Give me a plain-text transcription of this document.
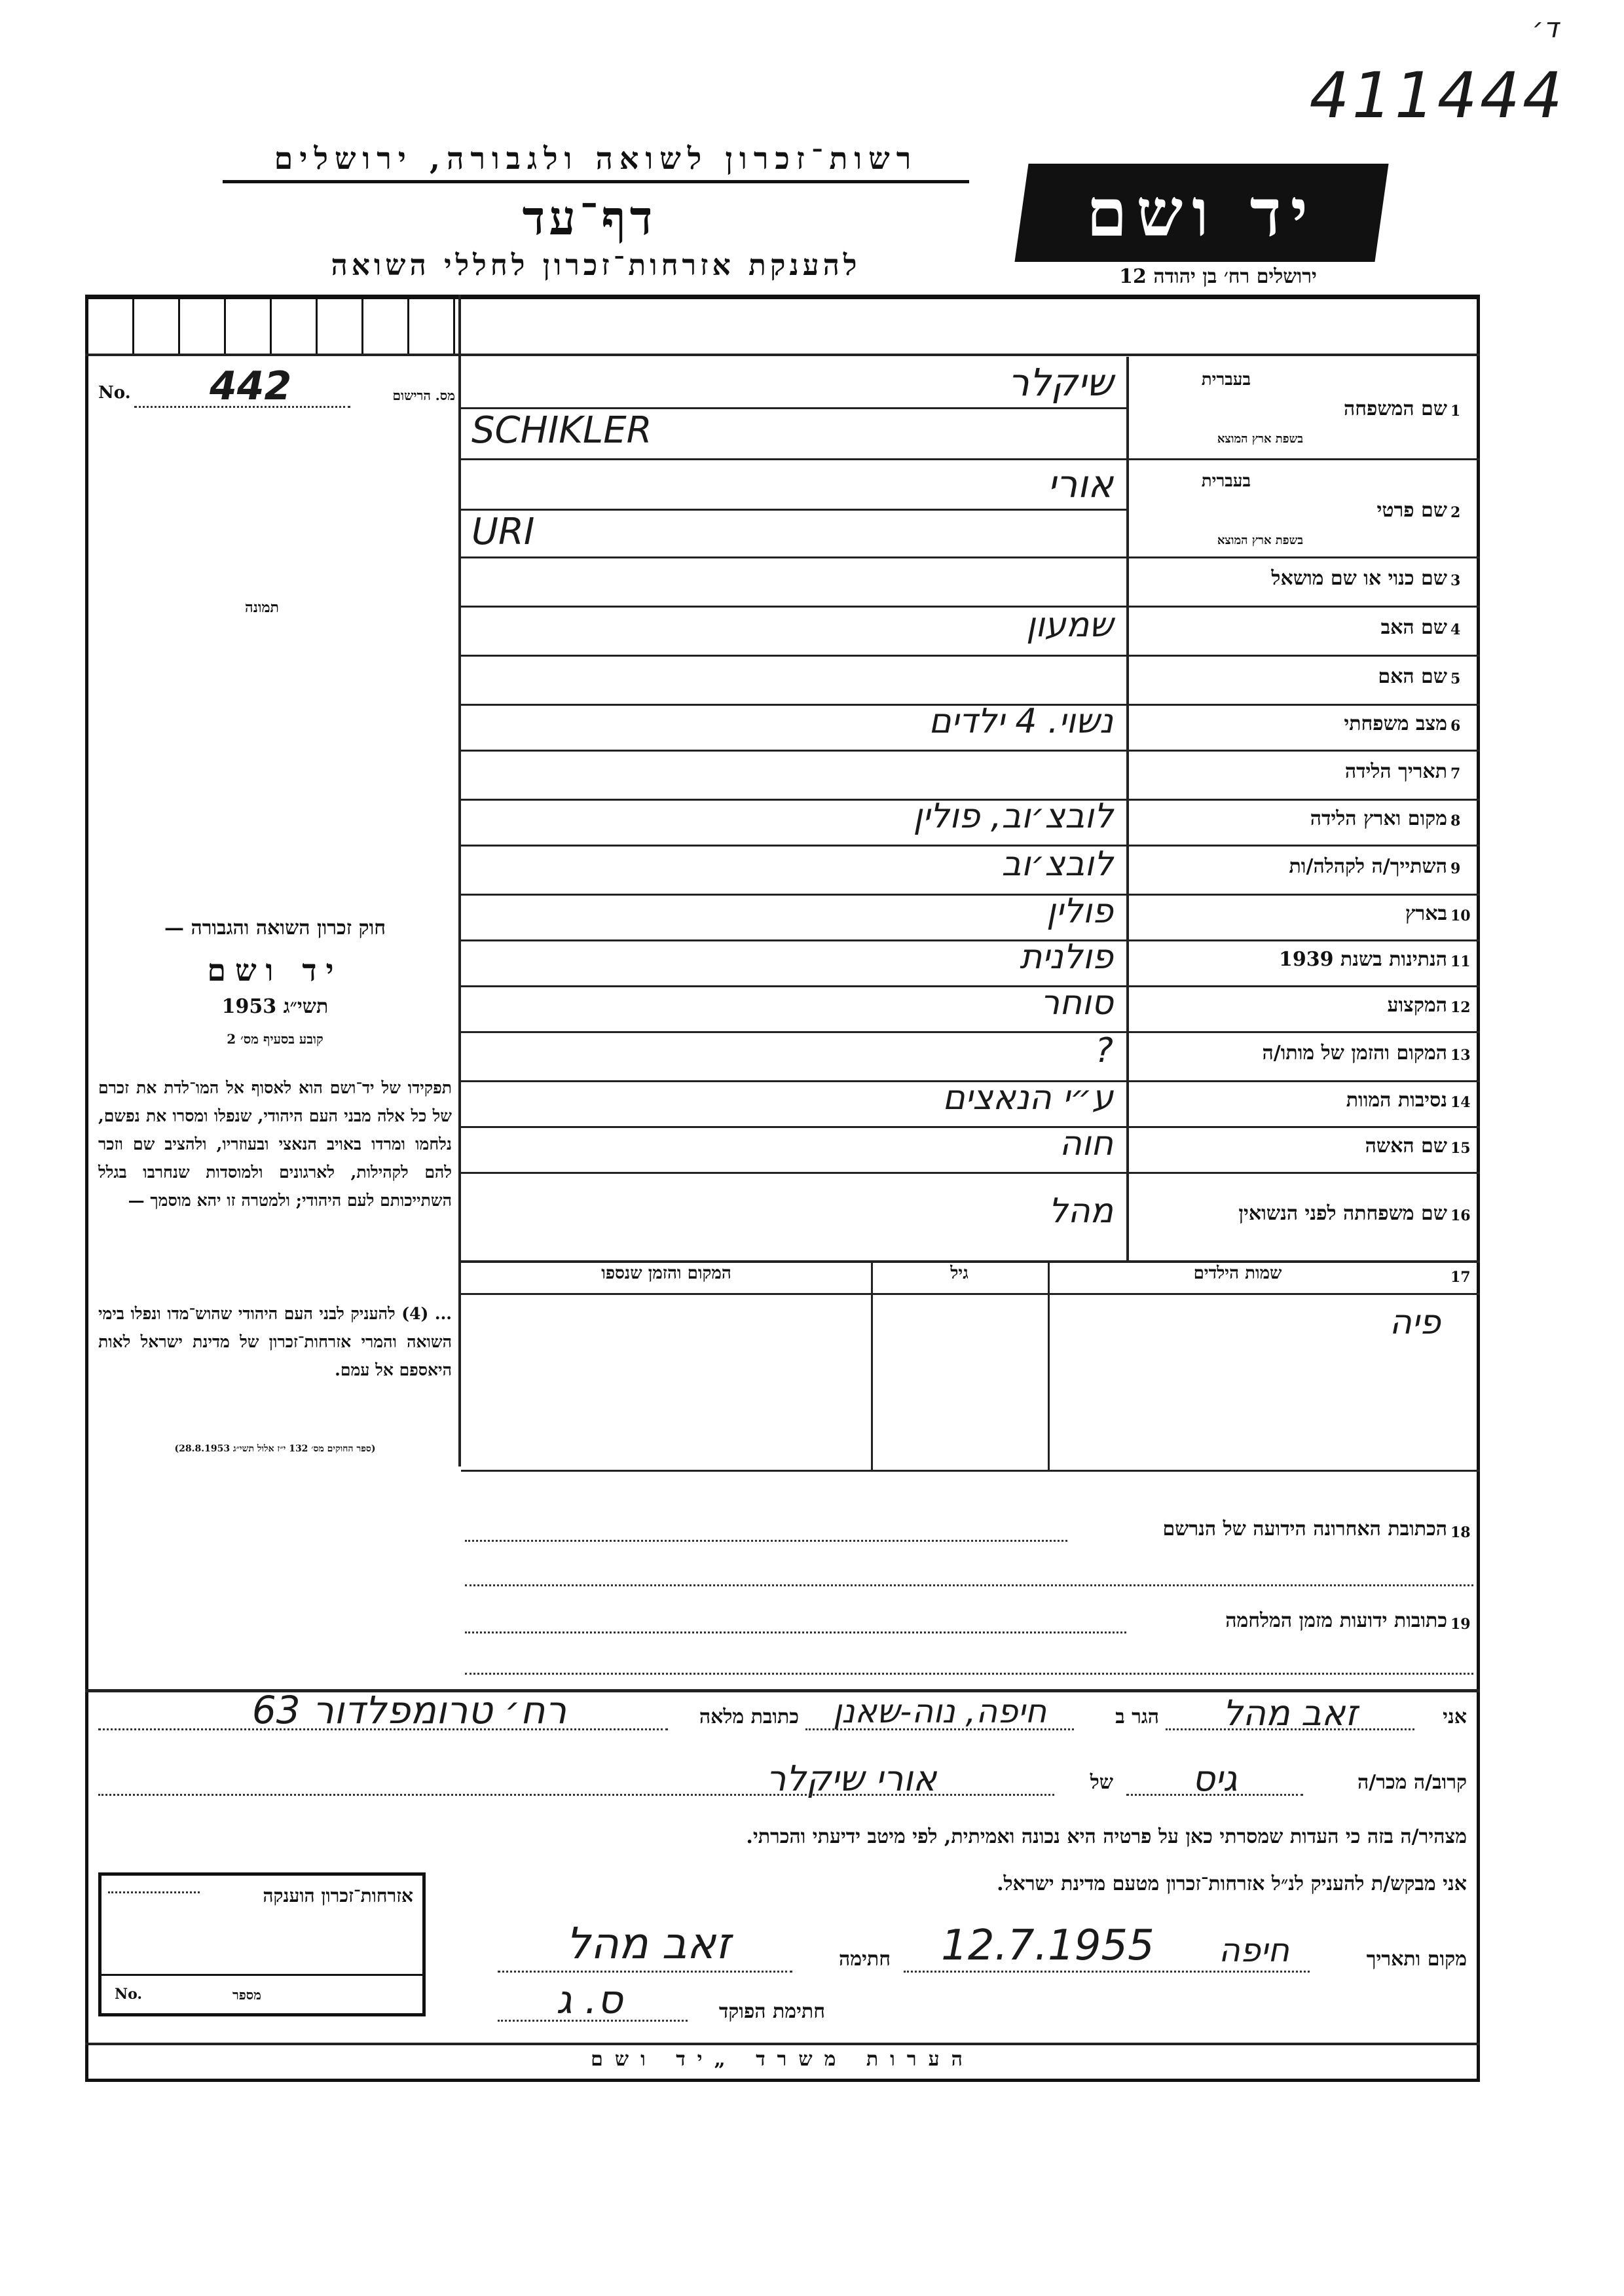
ד׳
411444
רשות־זכרון לשואה ולגבורה, ירושלים
דף־עד
להענקת אזרחות־זכרון לחללי השואה
יד ושם
ירושלים רח׳ בן יהודה 12
No. 442	מס. הרישום
תמונה
חוק זכרון השואה והגבורה —
יד ושם
תשי״ג 1953
קובע בסעיף מס׳ 2
תפקידו של יד־ושם הוא לאסוף אל המו־לדת את זכרם של כל אלה מבני העם היהודי, שנפלו ומסרו את נפשם, נלחמו ומרדו באויב הנאצי ובעוזריו, ולהציב שם וזכר להם לקהילות, לארגונים ולמוסדות שנחרבו בגלל השתייכותם לעם היהודי; ולמטרה זו יהא מוסמך —
... (4) להעניק לבני העם היהודי שהוש־מדו ונפלו בימי השואה והמרי אזרחות־זכרון של מדינת ישראל לאות היאספם אל עמם.
(ספר החוקים מס׳ 132 י״ז אלול תשי״ג 28.8.1953)
1
שם המשפחה
בעברית
בשפת ארץ המוצא
שיקלר
SCHIKLER
2
שם פרטי
בעברית
בשפת ארץ המוצא
אורי
URI
3
שם כנוי או שם מושאל
4
שם האב
שמעון
5
שם האם
6
מצב משפחתי
נשוי. 4 ילדים
7
תאריך הלידה
8
מקום וארץ הלידה
לובצ׳וב, פולין
9
השתייך/ה לקהלה/ות
לובצ׳וב
10
בארץ
פולין
11
הנתינות בשנת 1939
פולנית
12
המקצוע
סוחר
13
המקום והזמן של מותו/ה
?
14
נסיבות המוות
ע״י הנאצים
15
שם האשה
חוה
16
שם משפחתה לפני הנשואין
מהל
17
שמות הילדים
גיל
המקום והזמן שנספו
פיה
18
הכתובת האחרונה הידועה של הנרשם
19
כתובות ידועות מזמן המלחמה
אני
זאב מהל
הגר ב
חיפה, נוה-שאנן
כתובת מלאה
רח׳ טרומפלדור 63
קרוב/ה מכר/ה
גיס
של
אורי שיקלר
מצהיר/ה בזה כי העדות שמסרתי כאן על פרטיה היא נכונה ואמיתית, לפי מיטב ידיעתי והכרתי.
אני מבקש/ת להעניק לנ״ל אזרחות־זכרון מטעם מדינת ישראל.
מקום ותאריך
חיפה
12.7.1955
חתימה
זאב מהל
חתימת הפוקד
ס. ג
אזרחות־זכרון הוענקה
No.	מספר
הערות משרד „יד ושם
